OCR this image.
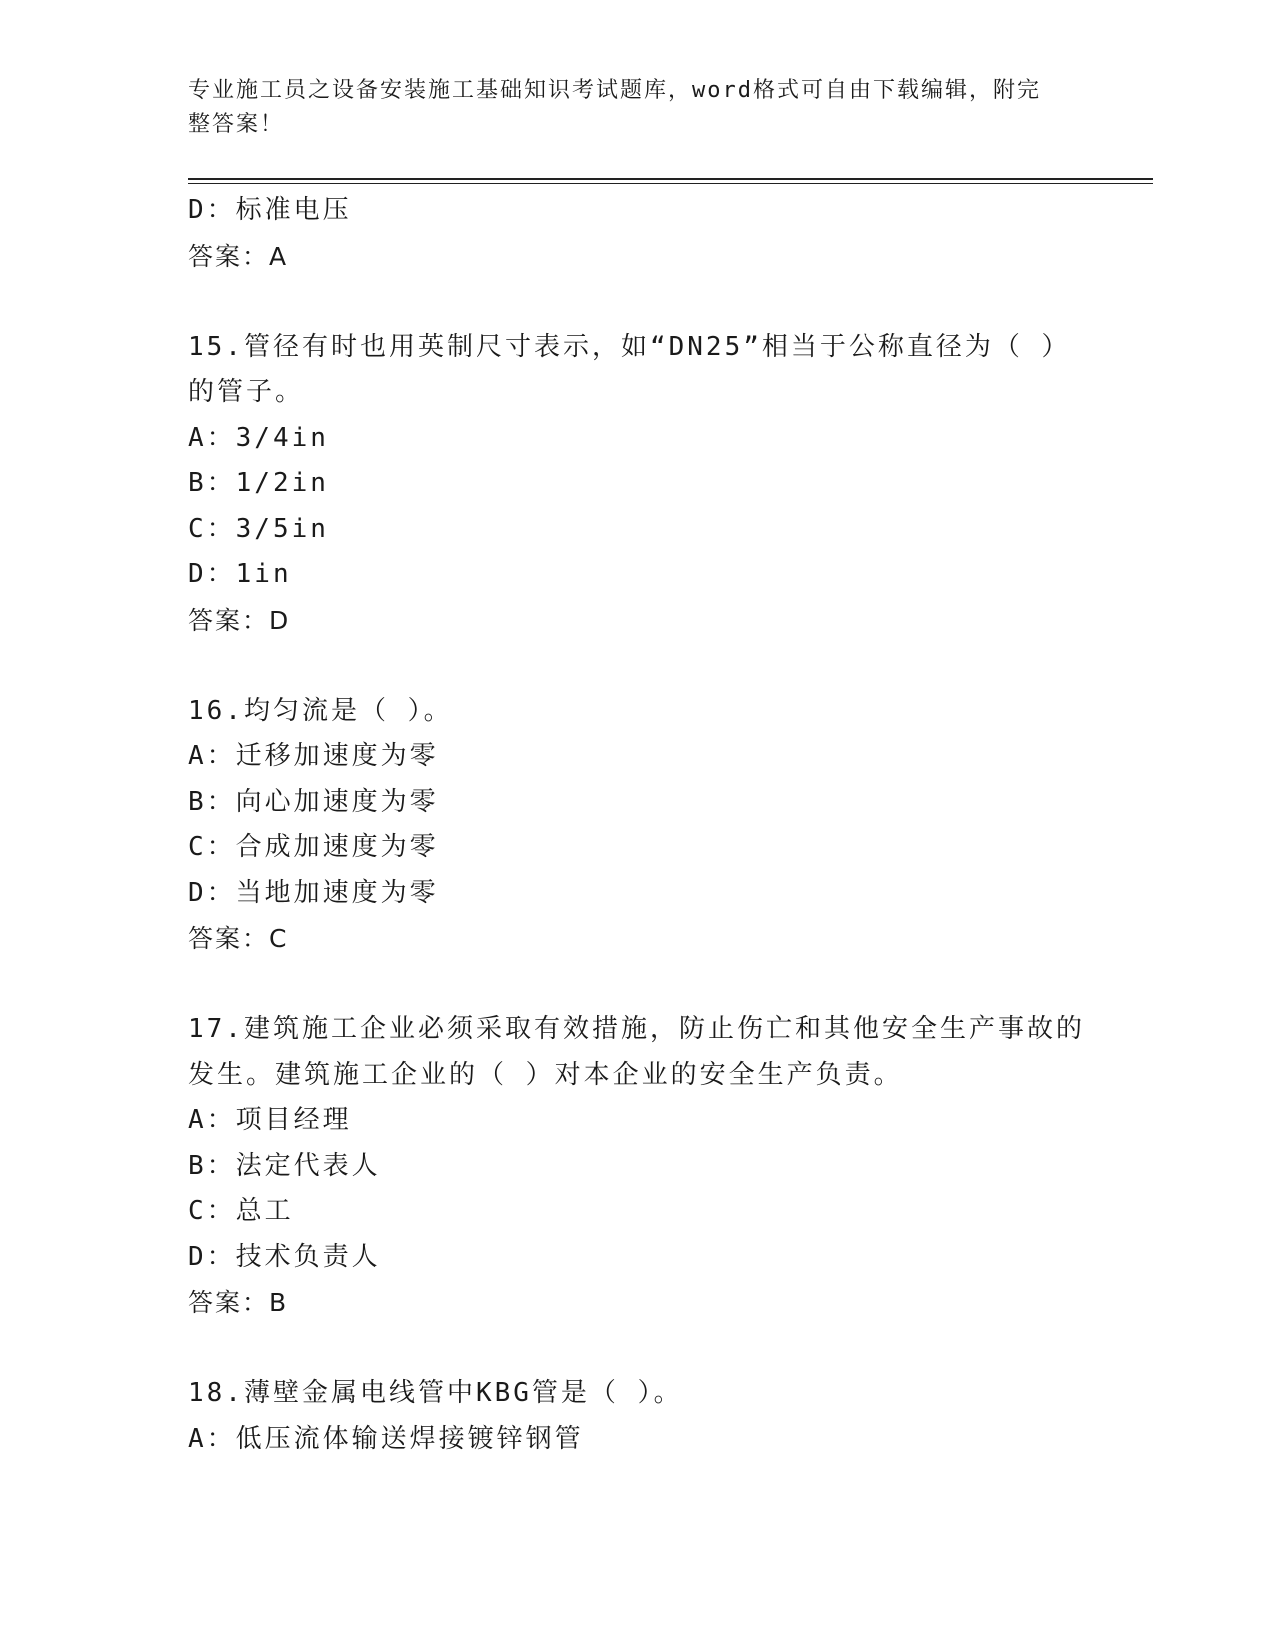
专业施工员之设备安装施工基础知识考试题库，word格式可自由下载编辑，附完
整答案！
D：标准电压
答案：A
15.管径有时也用英制尺寸表示，如“DN25”相当于公称直径为（ ）
的管子。
A：3/4in
B：1/2in
C：3/5in
D：1in
答案：D
16.均匀流是（ ）。
A：迁移加速度为零
B：向心加速度为零
C：合成加速度为零
D：当地加速度为零
答案：C
17.建筑施工企业必须采取有效措施，防止伤亡和其他安全生产事故的
发生。建筑施工企业的（ ）对本企业的安全生产负责。
A：项目经理
B：法定代表人
C：总工
D：技术负责人
答案：B
18.薄壁金属电线管中KBG管是（ ）。
A：低压流体输送焊接镀锌钢管
